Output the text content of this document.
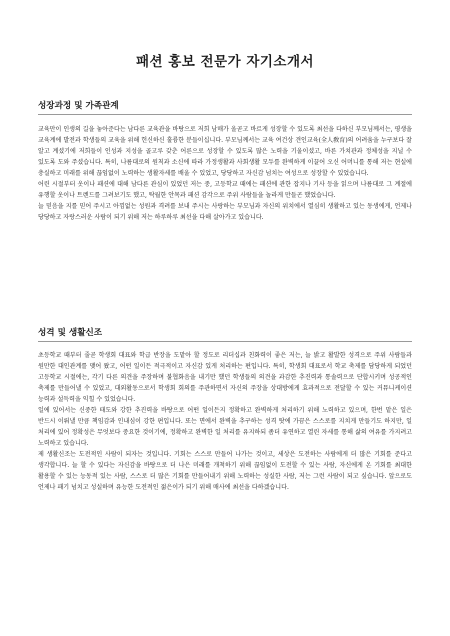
패션 홍보 전문가 자기소개서
성장과정 및 가족관계

교육만이 인생의 길을 놓아준다는 남다른 교육관을 바탕으로 저희 남매가 올곧고 바르게 성장할 수 있도록 최선을 다하신 부모님께서는, 평생을 교육계에 발전과 학생들의 교육을 위해 헌신하신 훌륭한 분들이십니다. 부모님께서는 교육 여건상 견인교육(全人敎育)의 어려움을 누구보다 잘 알고 계셨기에 저희들이 인성과 지성을 골고루 갖춘 어른으로 성장할 수 있도록 많은 노력을 기울이셨고, 바른 가치관과 정체성을 지닐 수 있도록 도와 주셨습니다. 특히, 나름대로의 원칙과 소신에 따라 가정생활과 사회생활 모두를 완벽하게 이끌어 오신 어머니를 통해 저는 현실에 충실하고 미래를 위해 끊임없이 노력하는 생활자세를 배울 수 있었고, 당당하고 자신감 넘치는 여성으로 성장할 수 있었습니다.

어린 시절부터 옷이나 패션에 대해 남다른 관심이 있었던 저는 중, 고등학교 때에는 패션에 관한 잡지나 기사 등을 읽으며 나름대로 그 계절에 유행할 옷이나 트렌드를 그려보기도 했고, 탁월한 안목과 패션 감각으로 주위 사람들을 놀라게 만들곤 했었습니다.

늘 믿음을 지를 믿어 주시고 아낌없는 성원과 격려를 보내 주시는 사랑하는 부모님과 자신의 위치에서 열심히 생활하고 있는 동생에게, 언제나 당당하고 자랑스러운 사람이 되기 위해 저는 하루하루 최선을 다해 살아가고 있습니다.

성격 및 생활신조

초등학교 때부터 줄곧 학생회 대표와 학급 반장을 도맡아 할 정도로 리더십과 친화력이 좋은 저는, 늘 밝고 활발한 성격으로 주위 사람들과 원만한 대인관계를 맺어 왔고, 어떤 일이든 적극적이고 자신감 있게 처리하는 편입니다. 특히, 학생회 대표로서 학교 축제를 담당하게 되었던 고등학교 시절에는, 각기 다른 의견을 주장하며 불협화음을 내기만 했던 학생들의 의견을 과감한 추진력과 통솔력으로 단합시키며 성공적인 축제를 만들어낼 수 있었고, 대외활동으로서 학생회 회의를 주관하면서 자신의 주장을 상대방에게 효과적으로 전달할 수 있는 커뮤니케이션 능력과 설득력을 익힐 수 있었습니다.

일에 있어서는 신중한 태도와 강한 추진력을 바탕으로 어떤 일이든지 정확하고 완벽하게 처리하기 위해 노력하고 있으며, 한번 맡은 일은 반드시 이뤄낼 만큼 책임감과 인내심이 강한 편입니다. 또는 면에서 완벽을 추구하는 성격 탓에 가끔은 스스로를 지치게 만들기도 하지만, 일 처리에 있어 정확성은 무엇보다 중요한 것이기에, 정확하고 완벽한 일 처리를 유지하되 좀더 유연하고 열린 자세를 통해 삶의 여유를 가지려고 노력하고 있습니다.

제 생활신조는 도전적인 사람이 되자는 것입니다. 기회는 스스로 만들어 나가는 것이고, 세상은 도전하는 사람에게 더 많은 기회를 준다고 생각합니다. 늘 할 수 있다는 자신감을 바탕으로 더 나은 미래를 개척하기 위해 끊임없이 도전할 수 있는 사람, 자신에게 온 기회를 최대한 활용할 수 있는 능동적 있는 사람, 스스로 더 많은 기회를 만들어내기 위해 노력하는 성실한 사람, 저는 그런 사람이 되고 싶습니다. 앞으로도 언제나 패기 넘치고 성실하며 유능한 도전적인 젊은이가 되기 위해 매사에 최선을 다하겠습니다.
